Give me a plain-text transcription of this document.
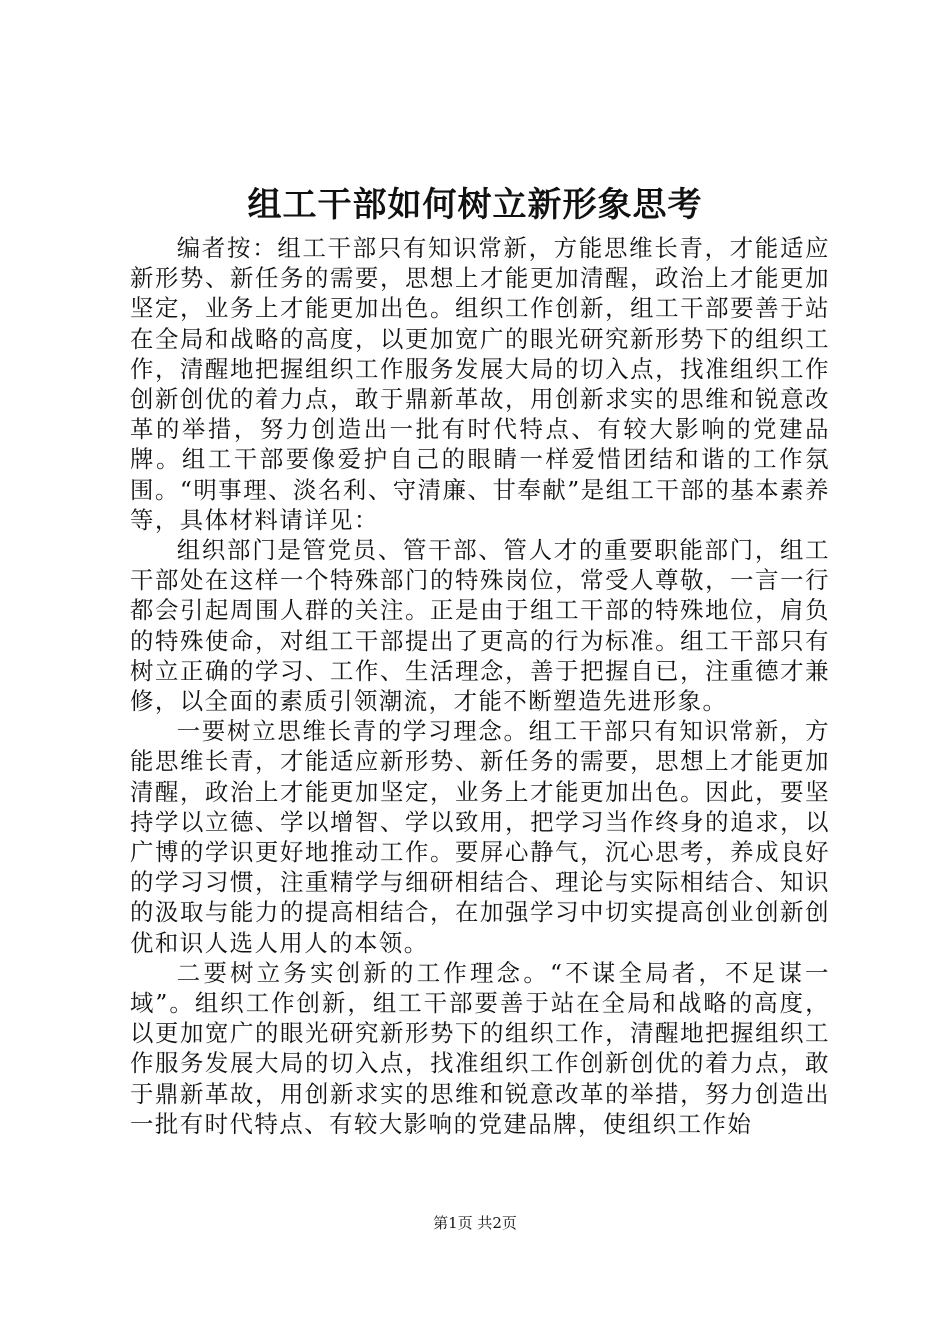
组工干部如何树立新形象思考

编者按：组工干部只有知识常新，方能思维长青，才能适应新形势、新任务的需要，思想上才能更加清醒，政治上才能更加坚定，业务上才能更加出色。组织工作创新，组工干部要善于站在全局和战略的高度，以更加宽广的眼光研究新形势下的组织工作，清醒地把握组织工作服务发展大局的切入点，找准组织工作创新创优的着力点，敢于鼎新革故，用创新求实的思维和锐意改革的举措，努力创造出一批有时代特点、有较大影响的党建品牌。组工干部要像爱护自己的眼睛一样爱惜团结和谐的工作氛围。“明事理、淡名利、守清廉、甘奉献”是组工干部的基本素养等，具体材料请详见：

组织部门是管党员、管干部、管人才的重要职能部门，组工干部处在这样一个特殊部门的特殊岗位，常受人尊敬，一言一行都会引起周围人群的关注。正是由于组工干部的特殊地位，肩负的特殊使命，对组工干部提出了更高的行为标准。组工干部只有树立正确的学习、工作、生活理念，善于把握自已，注重德才兼修，以全面的素质引领潮流，才能不断塑造先进形象。

一要树立思维长青的学习理念。组工干部只有知识常新，方能思维长青，才能适应新形势、新任务的需要，思想上才能更加清醒，政治上才能更加坚定，业务上才能更加出色。因此，要坚持学以立德、学以增智、学以致用，把学习当作终身的追求，以广博的学识更好地推动工作。要屏心静气，沉心思考，养成良好的学习习惯，注重精学与细研相结合、理论与实际相结合、知识的汲取与能力的提高相结合，在加强学习中切实提高创业创新创优和识人选人用人的本领。

二要树立务实创新的工作理念。“不谋全局者，不足谋一域”。组织工作创新，组工干部要善于站在全局和战略的高度，以更加宽广的眼光研究新形势下的组织工作，清醒地把握组织工作服务发展大局的切入点，找准组织工作创新创优的着力点，敢于鼎新革故，用创新求实的思维和锐意改革的举措，努力创造出一批有时代特点、有较大影响的党建品牌，使组织工作始

第1页 共2页
